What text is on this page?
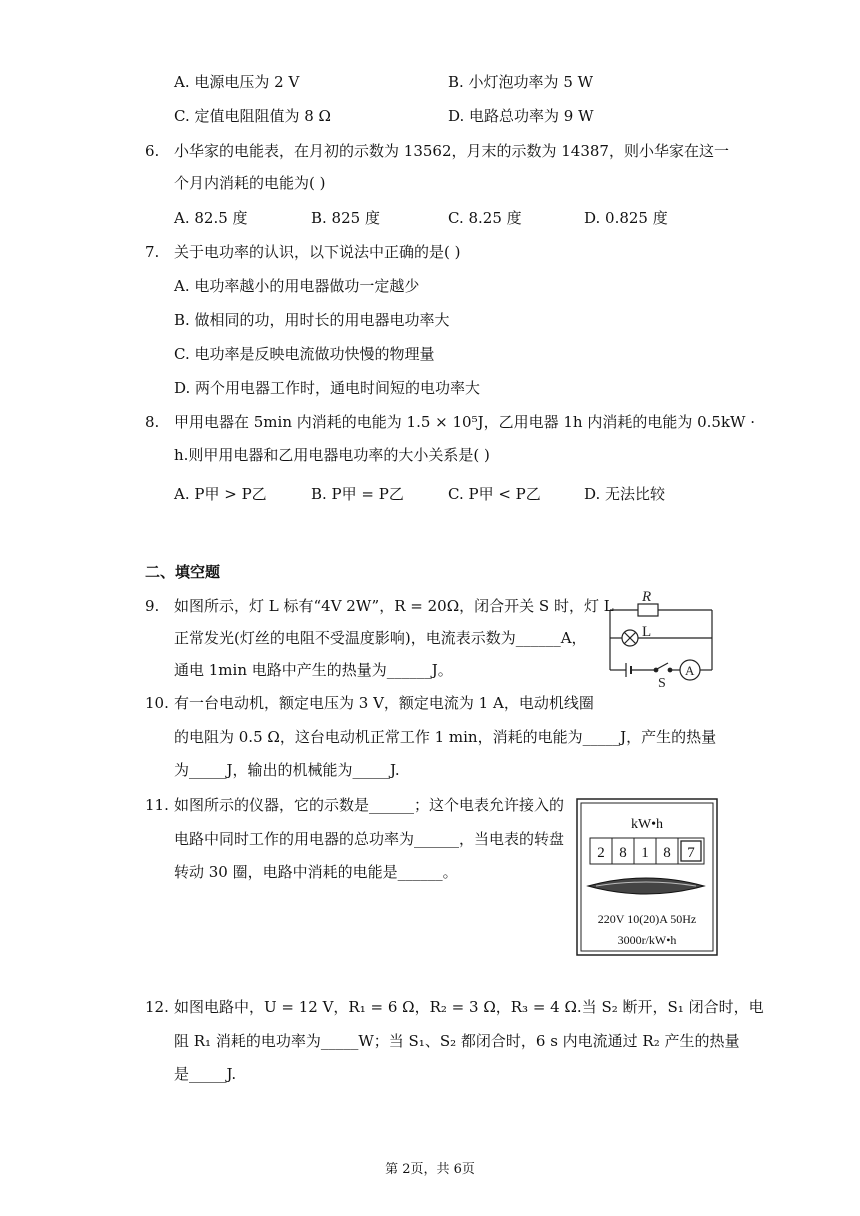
A. 电源电压为 2 V	B. 小灯泡功率为 5 W
C. 定值电阻阻值为 8 Ω	D. 电路总功率为 9 W
6. 小华家的电能表，在月初的示数为 13562，月末的示数为 14387，则小华家在这一
个月内消耗的电能为( )
A. 82.5 度	B. 825 度	C. 8.25 度	D. 0.825 度
7. 关于电功率的认识，以下说法中正确的是( )
A. 电功率越小的用电器做功一定越少
B. 做相同的功，用时长的用电器电功率大
C. 电功率是反映电流做功快慢的物理量
D. 两个用电器工作时，通电时间短的电功率大
8. 甲用电器在 5min 内消耗的电能为 1.5 × 10⁵J，乙用电器 1h 内消耗的电能为 0.5kW ·
h.则甲用电器和乙用电器电功率的大小关系是( )
A. P甲 > P乙	B. P甲 = P乙	C. P甲 < P乙	D. 无法比较
二、填空题
9. 如图所示，灯 L 标有“4V 2W”，R = 20Ω，闭合开关 S 时，灯 L
正常发光(灯丝的电阻不受温度影响)，电流表示数为______A，
通电 1min 电路中产生的热量为______J。
R
L
S
A
10. 有一台电动机，额定电压为 3 V，额定电流为 1 A，电动机线圈
的电阻为 0.5 Ω，这台电动机正常工作 1 min，消耗的电能为_____J，产生的热量
为_____J，输出的机械能为_____J.
11. 如图所示的仪器，它的示数是______；这个电表允许接入的
电路中同时工作的用电器的总功率为______，当电表的转盘
转动 30 圈，电路中消耗的电能是______。
kW•h
2 8 1 8 7
220V 10(20)A 50Hz
3000r/kW•h
12. 如图电路中，U = 12 V，R₁ = 6 Ω，R₂ = 3 Ω，R₃ = 4 Ω.当 S₂ 断开，S₁ 闭合时，电
阻 R₁ 消耗的电功率为_____W；当 S₁、S₂ 都闭合时，6 s 内电流通过 R₂ 产生的热量
是_____J.
第 2页，共 6页
